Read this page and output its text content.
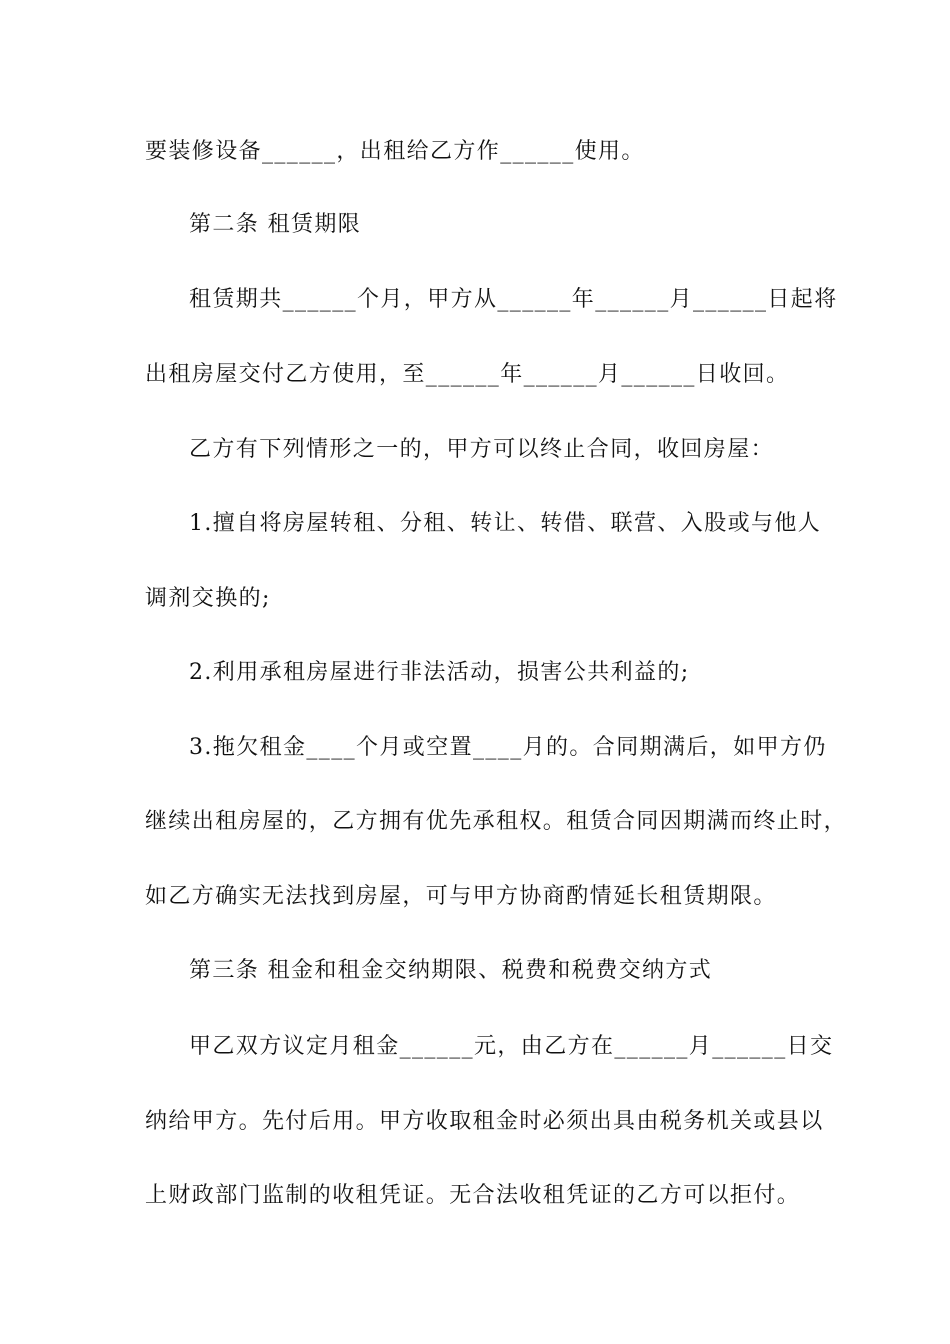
要装修设备______，出租给乙方作______使用。
第二条 租赁期限
租赁期共______个月，甲方从______年______月______日起将
出租房屋交付乙方使用，至______年______月______日收回。
乙方有下列情形之一的，甲方可以终止合同，收回房屋：
1.擅自将房屋转租、分租、转让、转借、联营、入股或与他人
调剂交换的;
2.利用承租房屋进行非法活动，损害公共利益的;
3.拖欠租金____个月或空置____月的。合同期满后，如甲方仍
继续出租房屋的，乙方拥有优先承租权。租赁合同因期满而终止时，
如乙方确实无法找到房屋，可与甲方协商酌情延长租赁期限。
第三条 租金和租金交纳期限、税费和税费交纳方式
甲乙双方议定月租金______元，由乙方在______月______日交
纳给甲方。先付后用。甲方收取租金时必须出具由税务机关或县以
上财政部门监制的收租凭证。无合法收租凭证的乙方可以拒付。
